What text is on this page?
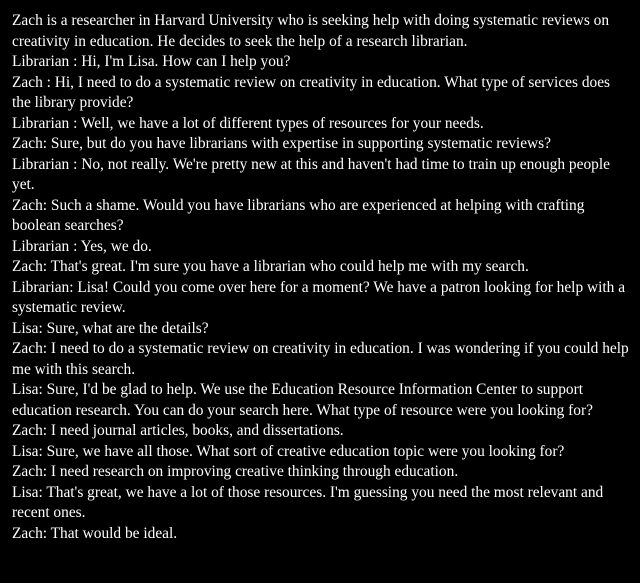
Zach is a researcher in Harvard University who is seeking help with doing systematic reviews on creativity in education. He decides to seek the help of a research librarian.

Librarian : Hi, I'm Lisa. How can I help you?

Zach : Hi, I need to do a systematic review on creativity in education. What type of services does the library provide?

Librarian : Well, we have a lot of different types of resources for your needs.

Zach: Sure, but do you have librarians with expertise in supporting systematic reviews?

Librarian : No, not really. We're pretty new at this and haven't had time to train up enough people yet.

Zach: Such a shame. Would you have librarians who are experienced at helping with crafting boolean searches?

Librarian : Yes, we do.

Zach: That's great. I'm sure you have a librarian who could help me with my search.

Librarian: Lisa! Could you come over here for a moment? We have a patron looking for help with a systematic review.

Lisa: Sure, what are the details?

Zach: I need to do a systematic review on creativity in education. I was wondering if you could help me with this search.

Lisa: Sure, I'd be glad to help. We use the Education Resource Information Center to support education research. You can do your search here. What type of resource were you looking for?

Zach: I need journal articles, books, and dissertations.

Lisa: Sure, we have all those. What sort of creative education topic were you looking for?

Zach: I need research on improving creative thinking through education.

Lisa: That's great, we have a lot of those resources. I'm guessing you need the most relevant and recent ones.

Zach: That would be ideal.
